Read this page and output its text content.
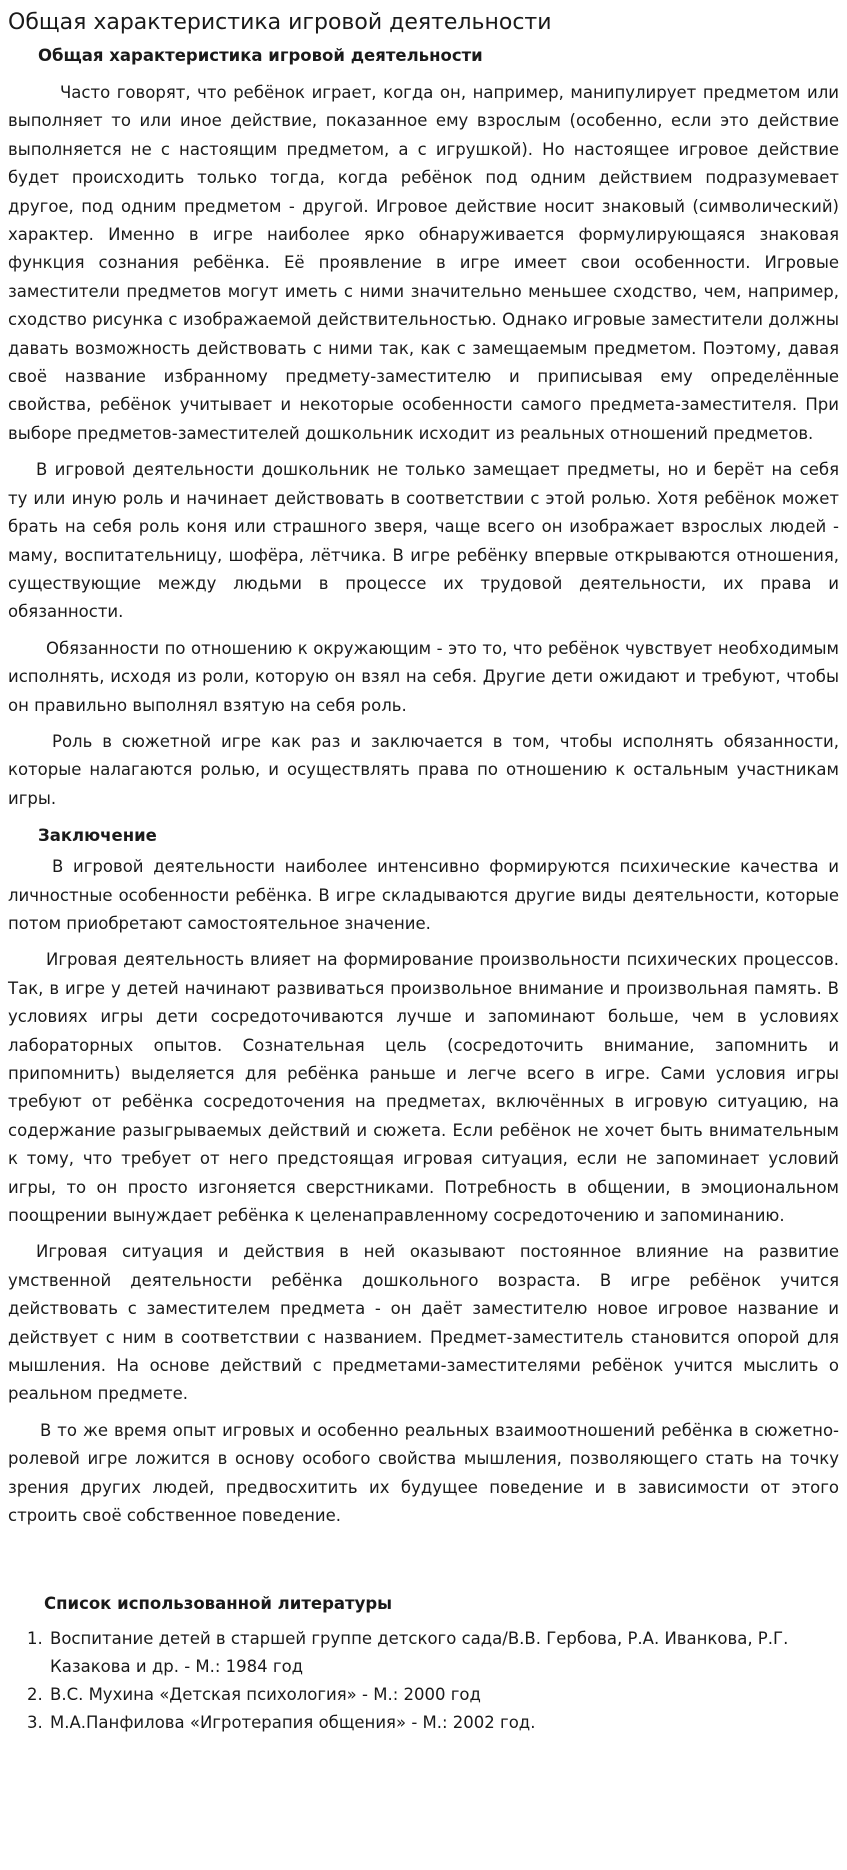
Общая характеристика игровой деятельности
Общая характеристика игровой деятельности

Часто говорят, что ребёнок играет, когда он, например, манипулирует предметом или выполняет то или иное действие, показанное ему взрослым (особенно, если это действие выполняется не с настоящим предметом, а с игрушкой). Но настоящее игровое действие будет происходить только тогда, когда ребёнок под одним действием подразумевает другое, под одним предметом - другой. Игровое действие носит знаковый (символический) характер. Именно в игре наиболее ярко обнаруживается формулирующаяся знаковая функция сознания ребёнка. Её проявление в игре имеет свои особенности. Игровые заместители предметов могут иметь с ними значительно меньшее сходство, чем, например, сходство рисунка с изображаемой действительностью. Однако игровые заместители должны давать возможность действовать с ними так, как с замещаемым предметом. Поэтому, давая своё название избранному предмету-заместителю и приписывая ему определённые свойства, ребёнок учитывает и некоторые особенности самого предмета-заместителя. При выборе предметов-заместителей дошкольник исходит из реальных отношений предметов.

В игровой деятельности дошкольник не только замещает предметы, но и берёт на себя ту или иную роль и начинает действовать в соответствии с этой ролью. Хотя ребёнок может брать на себя роль коня или страшного зверя, чаще всего он изображает взрослых людей - маму, воспитательницу, шофёра, лётчика. В игре ребёнку впервые открываются отношения, существующие между людьми в процессе их трудовой деятельности, их права и обязанности.

Обязанности по отношению к окружающим - это то, что ребёнок чувствует необходимым исполнять, исходя из роли, которую он взял на себя. Другие дети ожидают и требуют, чтобы он правильно выполнял взятую на себя роль.

Роль в сюжетной игре как раз и заключается в том, чтобы исполнять обязанности, которые налагаются ролью, и осуществлять права по отношению к остальным участникам игры.

Заключение

В игровой деятельности наиболее интенсивно формируются психические качества и личностные особенности ребёнка. В игре складываются другие виды деятельности, которые потом приобретают самостоятельное значение.

Игровая деятельность влияет на формирование произвольности психических процессов. Так, в игре у детей начинают развиваться произвольное внимание и произвольная память. В условиях игры дети сосредоточиваются лучше и запоминают больше, чем в условиях лабораторных опытов. Сознательная цель (сосредоточить внимание, запомнить и припомнить) выделяется для ребёнка раньше и легче всего в игре. Сами условия игры требуют от ребёнка сосредоточения на предметах, включённых в игровую ситуацию, на содержание разыгрываемых действий и сюжета. Если ребёнок не хочет быть внимательным к тому, что требует от него предстоящая игровая ситуация, если не запоминает условий игры, то он просто изгоняется сверстниками. Потребность в общении, в эмоциональном поощрении вынуждает ребёнка к целенаправленному сосредоточению и запоминанию.

Игровая ситуация и действия в ней оказывают постоянное влияние на развитие умственной деятельности ребёнка дошкольного возраста. В игре ребёнок учится действовать с заместителем предмета - он даёт заместителю новое игровое название и действует с ним в соответствии с названием. Предмет-заместитель становится опорой для мышления. На основе действий с предметами-заместителями ребёнок учится мыслить о реальном предмете.

В то же время опыт игровых и особенно реальных взаимоотношений ребёнка в сюжетно-ролевой игре ложится в основу особого свойства мышления, позволяющего стать на точку зрения других людей, предвосхитить их будущее поведение и в зависимости от этого строить своё собственное поведение.

Список использованной литературы
1. Воспитание детей в старшей группе детского сада/В.В. Гербова, Р.А. Иванкова, Р.Г. Казакова и др. - М.: 1984 год
2. В.С. Мухина «Детская психология» - М.: 2000 год
3. М.А.Панфилова «Игротерапия общения» - М.: 2002 год.
